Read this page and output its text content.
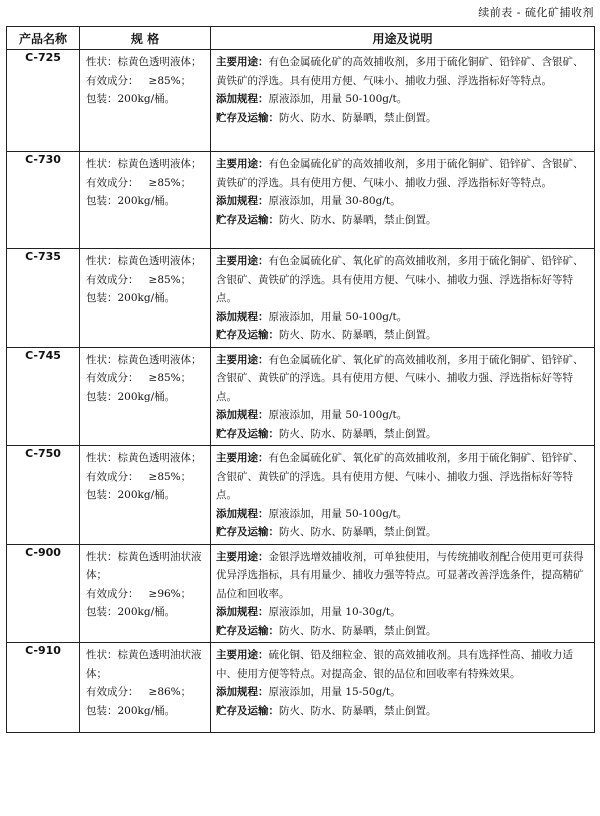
续前表 - 硫化矿捕收剂
产品名称	规 格	用途及说明
C-725	性状：棕黄色透明液体；
有效成分： ≥85%；
包装：200kg/桶。	主要用途：有色金属硫化矿的高效捕收剂，多用于硫化铜矿、铅锌矿、含银矿、黄铁矿的浮选。具有使用方便、气味小、捕收力强、浮选指标好等特点。
添加规程：原液添加，用量 50-100g/t。
贮存及运输：防火、防水、防暴晒，禁止倒置。

C-730	性状：棕黄色透明液体；
有效成分： ≥85%；
包装：200kg/桶。	主要用途：有色金属硫化矿的高效捕收剂，多用于硫化铜矿、铅锌矿、含银矿、黄铁矿的浮选。具有使用方便、气味小、捕收力强、浮选指标好等特点。
添加规程：原液添加，用量 30-80g/t。
贮存及运输：防火、防水、防暴晒，禁止倒置。

C-735	性状：棕黄色透明液体；
有效成分： ≥85%；
包装：200kg/桶。	主要用途：有色金属硫化矿、氧化矿的高效捕收剂，多用于硫化铜矿、铅锌矿、含银矿、黄铁矿的浮选。具有使用方便、气味小、捕收力强、浮选指标好等特点。
添加规程：原液添加，用量 50-100g/t。
贮存及运输：防火、防水、防暴晒，禁止倒置。

C-745	性状：棕黄色透明液体；
有效成分： ≥85%；
包装：200kg/桶。	主要用途：有色金属硫化矿、氧化矿的高效捕收剂，多用于硫化铜矿、铅锌矿、含银矿、黄铁矿的浮选。具有使用方便、气味小、捕收力强、浮选指标好等特点。
添加规程：原液添加，用量 50-100g/t。
贮存及运输：防火、防水、防暴晒，禁止倒置。

C-750	性状：棕黄色透明液体；
有效成分： ≥85%；
包装：200kg/桶。	主要用途：有色金属硫化矿、氧化矿的高效捕收剂，多用于硫化铜矿、铅锌矿、含银矿、黄铁矿的浮选。具有使用方便、气味小、捕收力强、浮选指标好等特点。
添加规程：原液添加，用量 50-100g/t。
贮存及运输：防火、防水、防暴晒，禁止倒置。

C-900	性状：棕黄色透明油状液体；
有效成分： ≥96%；
包装：200kg/桶。	主要用途：金银浮选增效捕收剂，可单独使用，与传统捕收剂配合使用更可获得优异浮选指标，具有用量少、捕收力强等特点。可显著改善浮选条件，提高精矿品位和回收率。
添加规程：原液添加，用量 10-30g/t。
贮存及运输：防火、防水、防暴晒，禁止倒置。

C-910	性状：棕黄色透明油状液体；
有效成分： ≥86%；
包装：200kg/桶。	主要用途：硫化铜、铅及细粒金、银的高效捕收剂。具有选择性高、捕收力适中、使用方便等特点。对提高金、银的品位和回收率有特殊效果。
添加规程：原液添加，用量 15-50g/t。
贮存及运输：防火、防水、防暴晒，禁止倒置。
